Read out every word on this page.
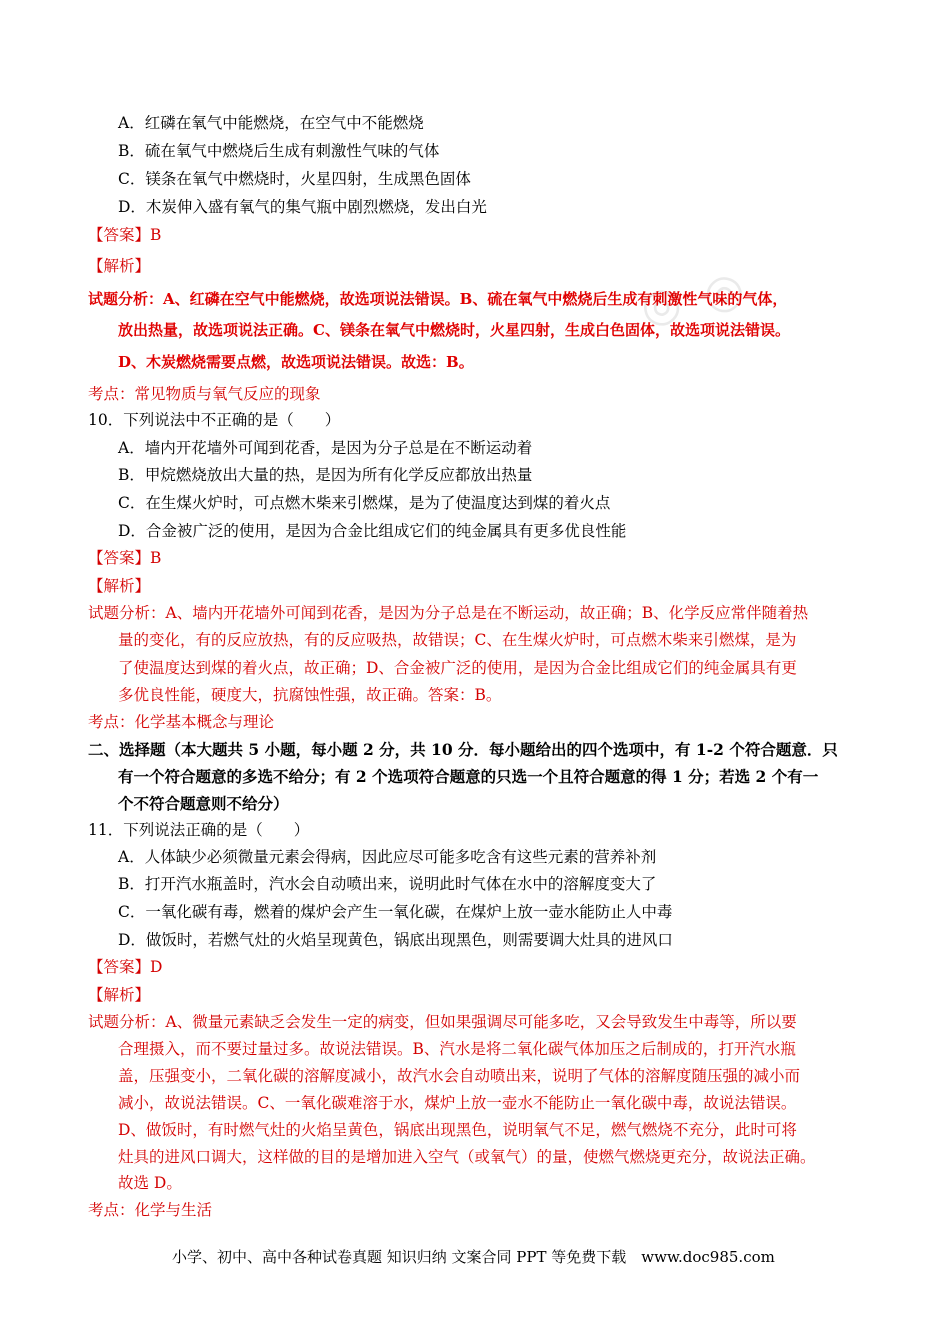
◎ ◎
A．红磷在氧气中能燃烧，在空气中不能燃烧
B．硫在氧气中燃烧后生成有刺激性气味的气体
C．镁条在氧气中燃烧时，火星四射，生成黑色固体
D．木炭伸入盛有氧气的集气瓶中剧烈燃烧，发出白光
【答案】B
【解析】
试题分析：A、红磷在空气中能燃烧，故选项说法错误。B、硫在氧气中燃烧后生成有刺激性气味的气体，
放出热量，故选项说法正确。C、镁条在氧气中燃烧时，火星四射，生成白色固体，故选项说法错误。
D、木炭燃烧需要点燃，故选项说法错误。故选：B。
考点：常见物质与氧气反应的现象
10．下列说法中不正确的是（　　）
A．墙内开花墙外可闻到花香，是因为分子总是在不断运动着
B．甲烷燃烧放出大量的热，是因为所有化学反应都放出热量
C．在生煤火炉时，可点燃木柴来引燃煤，是为了使温度达到煤的着火点
D．合金被广泛的使用，是因为合金比组成它们的纯金属具有更多优良性能
【答案】B
【解析】
试题分析：A、墙内开花墙外可闻到花香，是因为分子总是在不断运动，故正确；B、化学反应常伴随着热
量的变化，有的反应放热，有的反应吸热，故错误；C、在生煤火炉时，可点燃木柴来引燃煤，是为
了使温度达到煤的着火点，故正确；D、合金被广泛的使用，是因为合金比组成它们的纯金属具有更
多优良性能，硬度大，抗腐蚀性强，故正确。答案：B。
考点：化学基本概念与理论
二、选择题（本大题共 5 小题，每小题 2 分，共 10 分．每小题给出的四个选项中，有 1-2 个符合题意．只
有一个符合题意的多选不给分；有 2 个选项符合题意的只选一个且符合题意的得 1 分；若选 2 个有一
个不符合题意则不给分）
11．下列说法正确的是（　　）
A．人体缺少必须微量元素会得病，因此应尽可能多吃含有这些元素的营养补剂
B．打开汽水瓶盖时，汽水会自动喷出来，说明此时气体在水中的溶解度变大了
C．一氧化碳有毒，燃着的煤炉会产生一氧化碳，在煤炉上放一壶水能防止人中毒
D．做饭时，若燃气灶的火焰呈现黄色，锅底出现黑色，则需要调大灶具的进风口
【答案】D
【解析】
试题分析：A、微量元素缺乏会发生一定的病变，但如果强调尽可能多吃，又会导致发生中毒等，所以要
合理摄入，而不要过量过多。故说法错误。B、汽水是将二氧化碳气体加压之后制成的，打开汽水瓶
盖，压强变小，二氧化碳的溶解度减小，故汽水会自动喷出来，说明了气体的溶解度随压强的减小而
减小，故说法错误。C、一氧化碳难溶于水，煤炉上放一壶水不能防止一氧化碳中毒，故说法错误。
D、做饭时，有时燃气灶的火焰呈黄色，锅底出现黑色，说明氧气不足，燃气燃烧不充分，此时可将
灶具的进风口调大，这样做的目的是增加进入空气（或氧气）的量，使燃气燃烧更充分，故说法正确。
故选 D。
考点：化学与生活
小学、初中、高中各种试卷真题 知识归纳 文案合同 PPT 等免费下载　www.doc985.com
